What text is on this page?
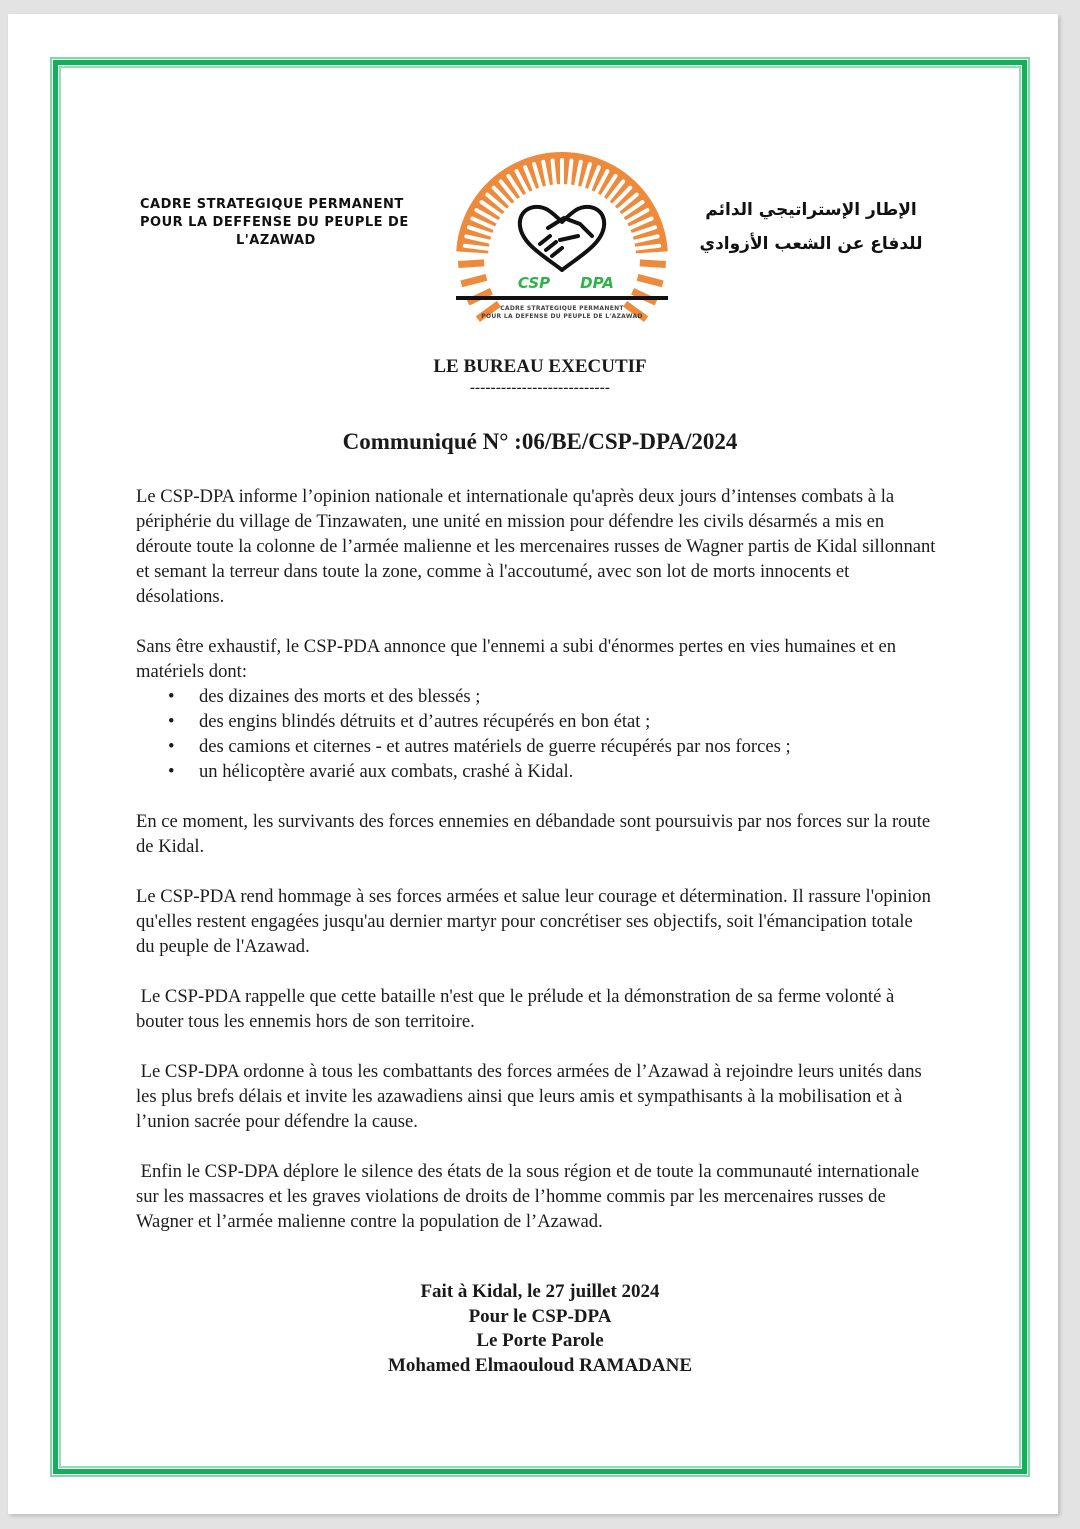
CADRE STRATEGIQUE PERMANENT
POUR LA DEFFENSE DU PEUPLE DE
L'AZAWAD
CSP DPA
CADRE STRATEGIQUE PERMANENT
POUR LA DEFENSE DU PEUPLE DE L'AZAWAD
الإطار الإستراتيجي الدائم
للدفاع عن الشعب الأزوادي
LE BUREAU EXECUTIF
---------------------------
Communiqué N° :06/BE/CSP-DPA/2024

Le CSP-DPA informe l’opinion nationale et internationale qu'après deux jours d’intenses combats à la périphérie du village de Tinzawaten, une unité en mission pour défendre les civils désarmés a mis en déroute toute la colonne de l’armée malienne et les mercenaires russes de Wagner partis de Kidal sillonnant et semant la terreur dans toute la zone, comme à l'accoutumé, avec son lot de morts innocents et désolations.

Sans être exhaustif, le CSP-PDA annonce que l'ennemi a subi d'énormes pertes en vies humaines et en matériels dont:

• des dizaines des morts et des blessés ;
• des engins blindés détruits et d’autres récupérés en bon état ;
• des camions et citernes - et autres matériels de guerre récupérés par nos forces ;
• un hélicoptère avarié aux combats, crashé à Kidal.

En ce moment, les survivants des forces ennemies en débandade sont poursuivis par nos forces sur la route de Kidal.

Le CSP-PDA rend hommage à ses forces armées et salue leur courage et détermination. Il rassure l'opinion qu'elles restent engagées jusqu'au dernier martyr pour concrétiser ses objectifs, soit l'émancipation totale du peuple de l'Azawad.

Le CSP-PDA rappelle que cette bataille n'est que le prélude et la démonstration de sa ferme volonté à bouter tous les ennemis hors de son territoire.

Le CSP-DPA ordonne à tous les combattants des forces armées de l’Azawad à rejoindre leurs unités dans les plus brefs délais et invite les azawadiens ainsi que leurs amis et sympathisants à la mobilisation et à l’union sacrée pour défendre la cause.

Enfin le CSP-DPA déplore le silence des états de la sous région et de toute la communauté internationale sur les massacres et les graves violations de droits de l’homme commis par les mercenaires russes de Wagner et l’armée malienne contre la population de l’Azawad.

Fait à Kidal, le 27 juillet 2024
Pour le CSP-DPA
Le Porte Parole
Mohamed Elmaouloud RAMADANE
